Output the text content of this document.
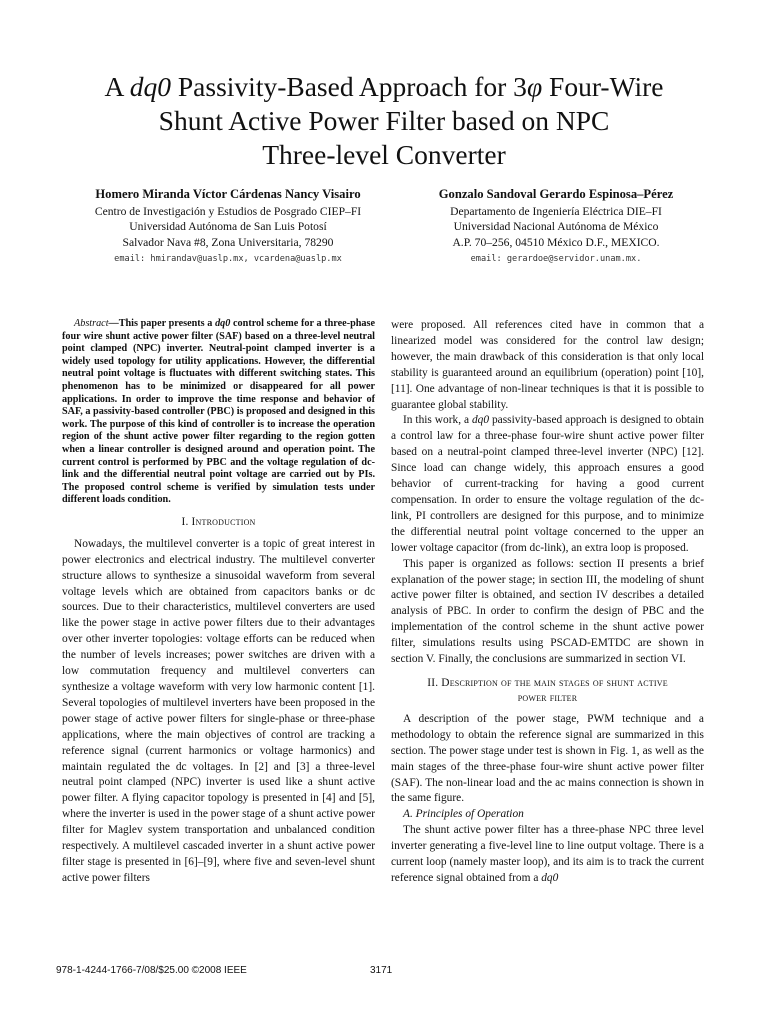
A dq0 Passivity-Based Approach for 3φ Four-Wire
Shunt Active Power Filter based on NPC
Three-level Converter
Homero Miranda Víctor Cárdenas Nancy Visairo
Centro de Investigación y Estudios de Posgrado CIEP–FI
Universidad Autónoma de San Luis Potosí
Salvador Nava #8, Zona Universitaria, 78290
email: hmirandav@uaslp.mx, vcardena@uaslp.mx
Gonzalo Sandoval Gerardo Espinosa–Pérez
Departamento de Ingeniería Eléctrica DIE–FI
Universidad Nacional Autónoma de México
A.P. 70–256, 04510 México D.F., MEXICO.
email: gerardoe@servidor.unam.mx.

Abstract—This paper presents a dq0 control scheme for a three-phase four wire shunt active power filter (SAF) based on a three-level neutral point clamped (NPC) inverter. Neutral-point clamped inverter is a widely used topology for utility applications. However, the differential neutral point voltage is fluctuates with different switching states. This phenomenon has to be minimized or disappeared for all power applications. In order to improve the time response and behavior of SAF, a passivity-based controller (PBC) is proposed and designed in this work. The purpose of this kind of controller is to increase the operation region of the shunt active power filter regarding to the region gotten when a linear controller is designed around and operation point. The current control is performed by PBC and the voltage regulation of dc-link and the differential neutral point voltage are carried out by PIs. The proposed control scheme is verified by simulation tests under different loads condition.

I. Introduction

Nowadays, the multilevel converter is a topic of great interest in power electronics and electrical industry. The multilevel converter structure allows to synthesize a sinusoidal waveform from several voltage levels which are obtained from capacitors banks or dc sources. Due to their characteristics, multilevel converters are used like the power stage in active power filters due to their advantages over other inverter topologies: voltage efforts can be reduced when the number of levels increases; power switches are driven with a low commutation frequency and multilevel converters can synthesize a voltage waveform with very low harmonic content [1]. Several topologies of multilevel inverters have been proposed in the power stage of active power filters for single-phase or three-phase applications, where the main objectives of control are tracking a reference signal (current harmonics or voltage harmonics) and maintain regulated the dc voltages. In [2] and [3] a three-level neutral point clamped (NPC) inverter is used like a shunt active power filter. A flying capacitor topology is presented in [4] and [5], where the inverter is used in the power stage of a shunt active power filter for Maglev system transportation and unbalanced condition respectively. A multilevel cascaded inverter in a shunt active power filter stage is presented in [6]–[9], where five and seven-level shunt active power filters

were proposed. All references cited have in common that a linearized model was considered for the control law design; however, the main drawback of this consideration is that only local stability is guaranteed around an equilibrium (operation) point [10], [11]. One advantage of non-linear techniques is that it is possible to guarantee global stability.

In this work, a dq0 passivity-based approach is designed to obtain a control law for a three-phase four-wire shunt active power filter based on a neutral-point clamped three-level inverter (NPC) [12]. Since load can change widely, this approach ensures a good behavior of current-tracking for having a good current compensation. In order to ensure the voltage regulation of the dc-link, PI controllers are designed for this purpose, and to minimize the differential neutral point voltage concerned to the upper an lower voltage capacitor (from dc-link), an extra loop is proposed.

This paper is organized as follows: section II presents a brief explanation of the power stage; in section III, the modeling of shunt active power filter is obtained, and section IV describes a detailed analysis of PBC. In order to confirm the design of PBC and the implementation of the control scheme in the shunt active power filter, simulations results using PSCAD-EMTDC are shown in section V. Finally, the conclusions are summarized in section VI.

II. Description of the main stages of shunt active
power filter

A description of the power stage, PWM technique and a methodology to obtain the reference signal are summarized in this section. The power stage under test is shown in Fig. 1, as well as the main stages of the three-phase four-wire shunt active power filter (SAF). The non-linear load and the ac mains connection is shown in the same figure.

A. Principles of Operation

The shunt active power filter has a three-phase NPC three level inverter generating a five-level line to line output voltage. There is a current loop (namely master loop), and its aim is to track the current reference signal obtained from a dq0

978-1-4244-1766-7/08/$25.00 ©2008 IEEE	3171
